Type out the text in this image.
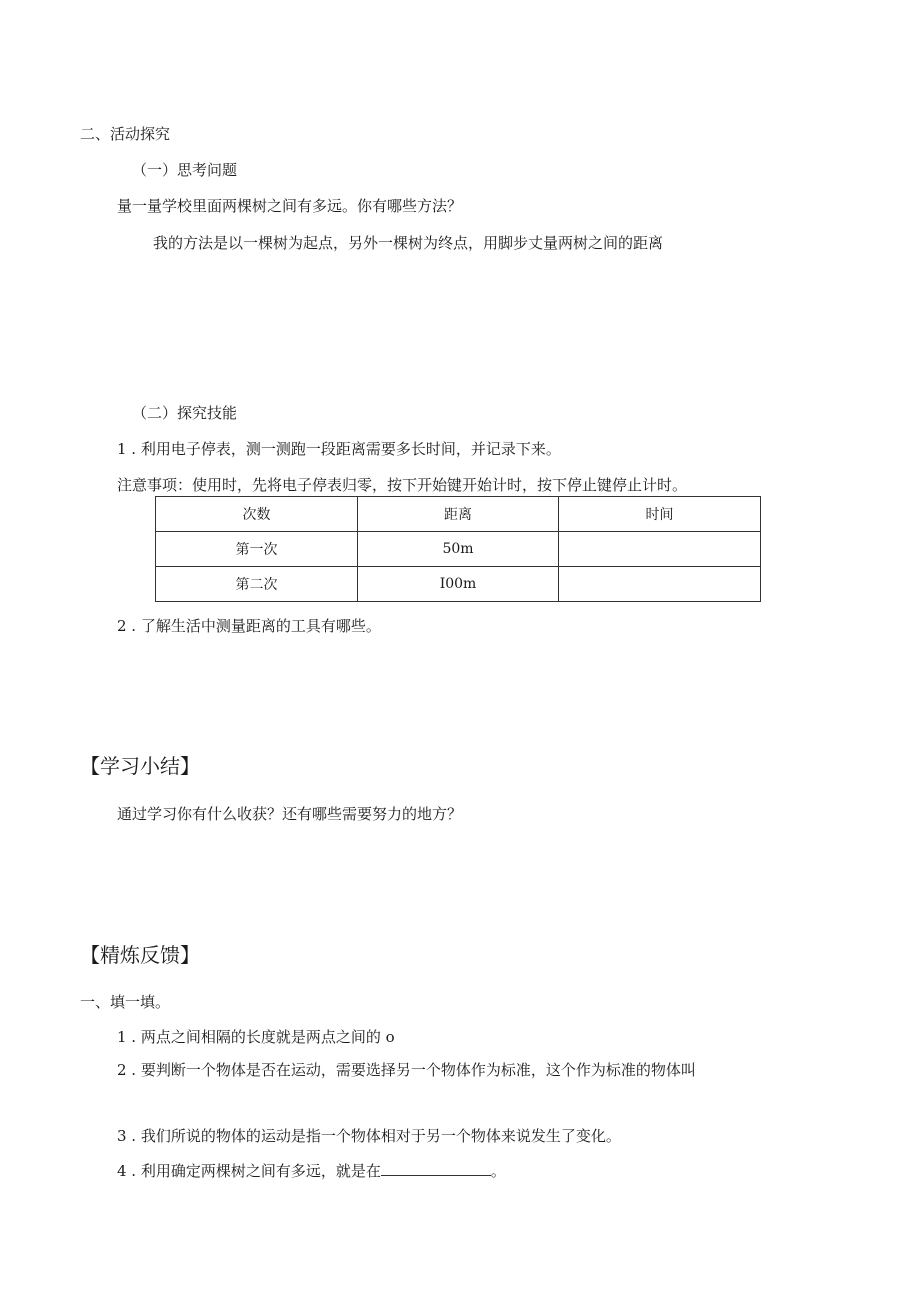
二、活动探究
（一）思考问题
量一量学校里面两棵树之间有多远。你有哪些方法？
我的方法是以一棵树为起点，另外一棵树为终点，用脚步丈量两树之间的距离
（二）探究技能
1 . 利用电子停表，测一测跑一段距离需要多长时间，并记录下来。
注意事项：使用时，先将电子停表归零，按下开始键开始计时，按下停止键停止计时。
次数	距离	时间
第一次	50m	
第二次	I00m	
2 . 了解生活中测量距离的工具有哪些。
【学习小结】
通过学习你有什么收获？还有哪些需要努力的地方？
【精炼反馈】
一、填一填。
1 . 两点之间相隔的长度就是两点之间的 o
2 . 要判断一个物体是否在运动，需要选择另一个物体作为标准，这个作为标准的物体叫
3 . 我们所说的物体的运动是指一个物体相对于另一个物体来说发生了变化。
4 . 利用确定两棵树之间有多远，就是在	。
